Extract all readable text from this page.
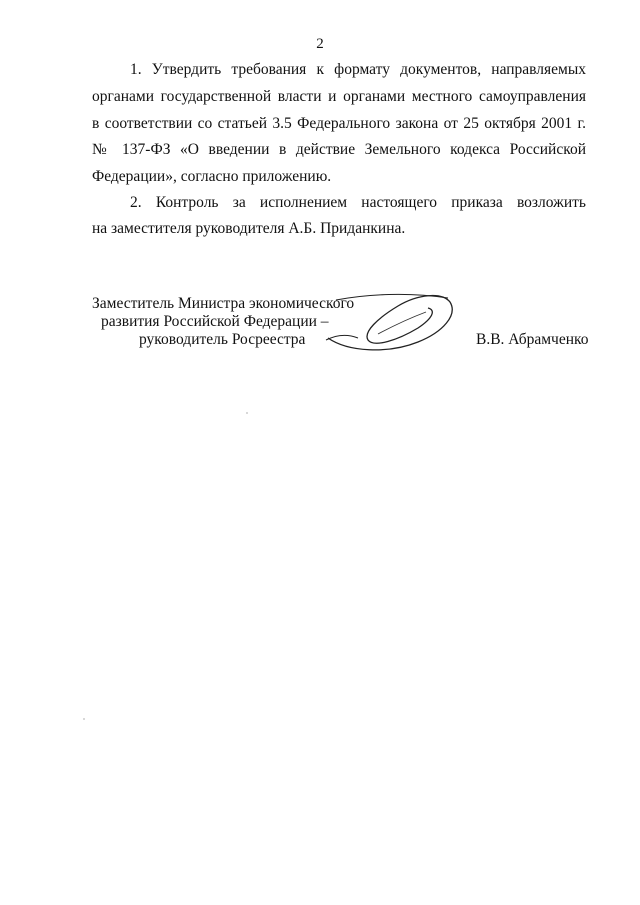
2
1. Утвердить требования к формату документов, направляемых
органами государственной власти и органами местного самоуправления
в соответствии со статьей 3.5 Федерального закона от 25 октября 2001 г.
№ 137-ФЗ «О введении в действие Земельного кодекса Российской
Федерации», согласно приложению.
2. Контроль за исполнением настоящего приказа возложить
на заместителя руководителя А.Б. Приданкина.
Заместитель Министра экономического
развития Российской Федерации –
руководитель Росреестра	В.В. Абрамченко
